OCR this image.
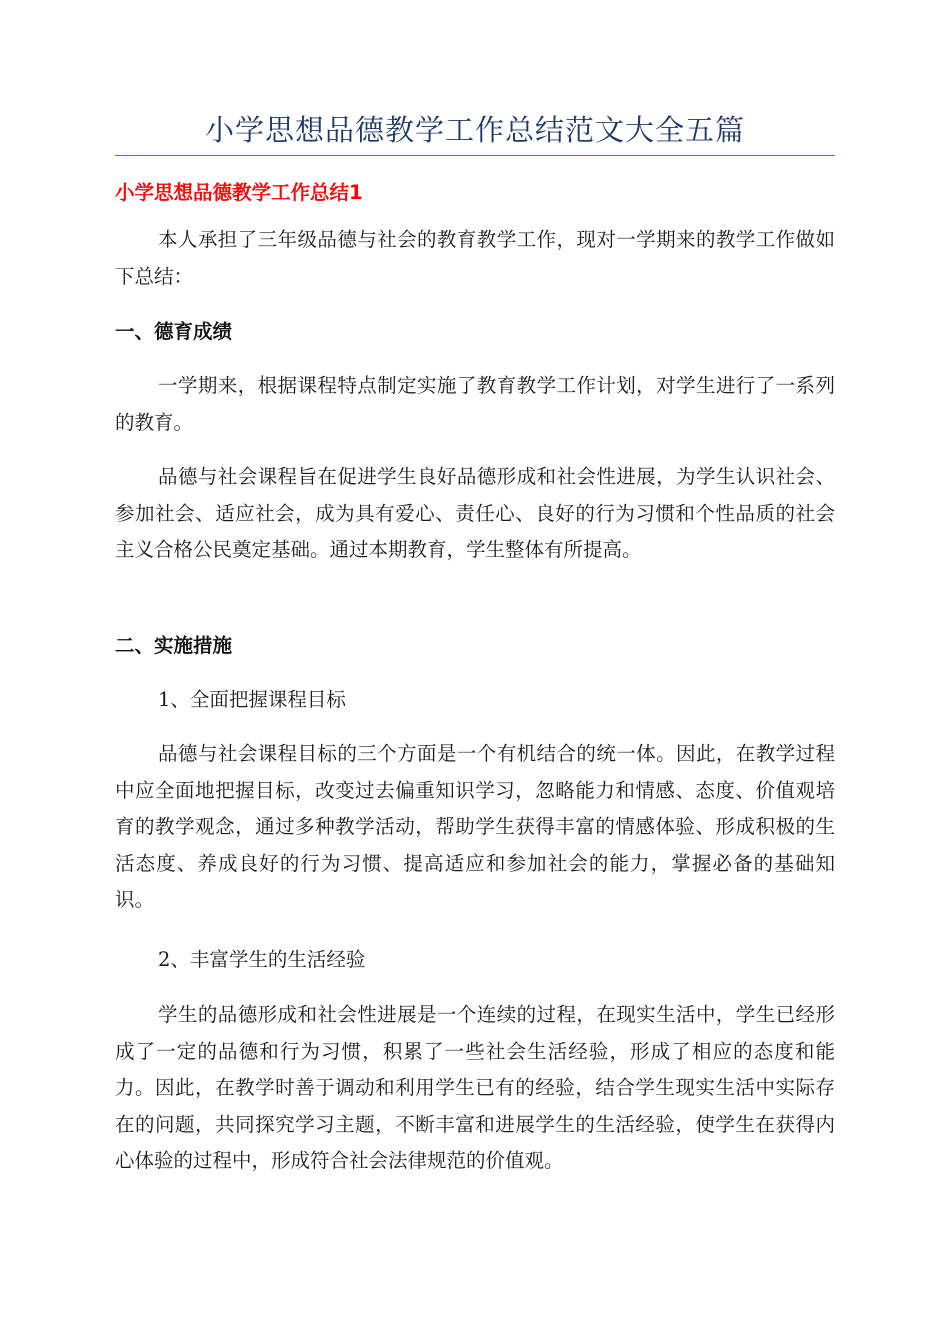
小学思想品德教学工作总结范文大全五篇
小学思想品德教学工作总结1

本人承担了三年级品德与社会的教育教学工作，现对一学期来的教学工作做如下总结：

一、德育成绩

一学期来，根据课程特点制定实施了教育教学工作计划，对学生进行了一系列的教育。

品德与社会课程旨在促进学生良好品德形成和社会性进展，为学生认识社会、参加社会、适应社会，成为具有爱心、责任心、良好的行为习惯和个性品质的社会主义合格公民奠定基础。通过本期教育，学生整体有所提高。

二、实施措施

1、全面把握课程目标

品德与社会课程目标的三个方面是一个有机结合的统一体。因此，在教学过程中应全面地把握目标，改变过去偏重知识学习，忽略能力和情感、态度、价值观培育的教学观念，通过多种教学活动，帮助学生获得丰富的情感体验、形成积极的生活态度、养成良好的行为习惯、提高适应和参加社会的能力，掌握必备的基础知识。

2、丰富学生的生活经验

学生的品德形成和社会性进展是一个连续的过程，在现实生活中，学生已经形成了一定的品德和行为习惯，积累了一些社会生活经验，形成了相应的态度和能力。因此，在教学时善于调动和利用学生已有的经验，结合学生现实生活中实际存在的问题，共同探究学习主题，不断丰富和进展学生的生活经验，使学生在获得内心体验的过程中，形成符合社会法律规范的价值观。
